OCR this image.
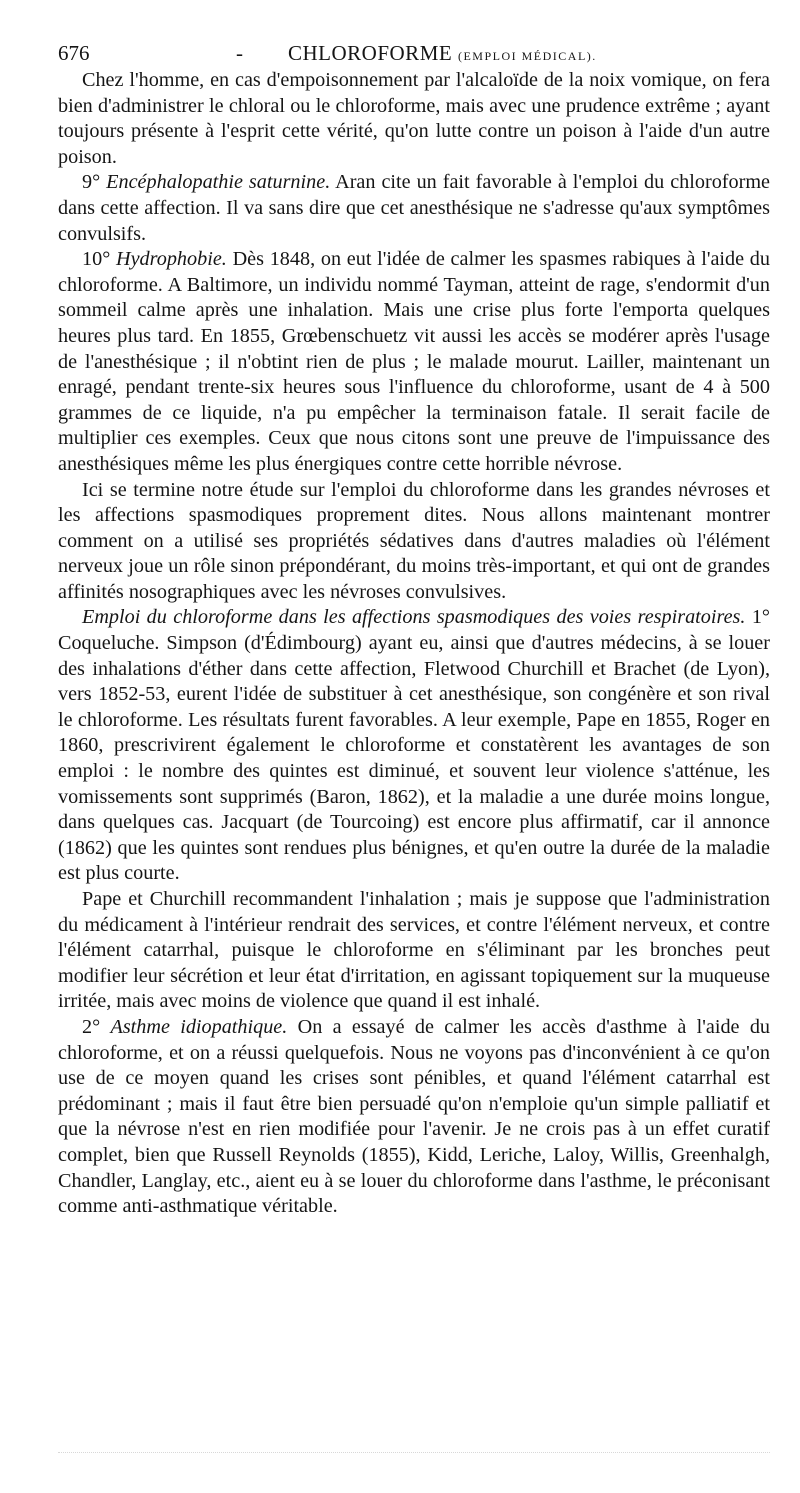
676	- CHLOROFORME (EMPLOI MÉDICAL).

Chez l'homme, en cas d'empoisonnement par l'alcaloïde de la noix vomique, on fera bien d'administrer le chloral ou le chloroforme, mais avec une prudence extrême ; ayant toujours présente à l'esprit cette vérité, qu'on lutte contre un poison à l'aide d'un autre poison.

9° Encéphalopathie saturnine. Aran cite un fait favorable à l'emploi du chloroforme dans cette affection. Il va sans dire que cet anesthésique ne s'adresse qu'aux symptômes convulsifs.

10° Hydrophobie. Dès 1848, on eut l'idée de calmer les spasmes rabiques à l'aide du chloroforme. A Baltimore, un individu nommé Tayman, atteint de rage, s'endormit d'un sommeil calme après une inhalation. Mais une crise plus forte l'emporta quelques heures plus tard. En 1855, Grœbenschuetz vit aussi les accès se modérer après l'usage de l'anesthésique ; il n'obtint rien de plus ; le malade mourut. Lailler, maintenant un enragé, pendant trente-six heures sous l'influence du chloroforme, usant de 4 à 500 grammes de ce liquide, n'a pu empêcher la terminaison fatale. Il serait facile de multiplier ces exemples. Ceux que nous citons sont une preuve de l'impuissance des anesthésiques même les plus énergiques contre cette horrible névrose.

Ici se termine notre étude sur l'emploi du chloroforme dans les grandes névroses et les affections spasmodiques proprement dites. Nous allons maintenant montrer comment on a utilisé ses propriétés sédatives dans d'autres maladies où l'élément nerveux joue un rôle sinon prépondérant, du moins très-important, et qui ont de grandes affinités nosographiques avec les névroses convulsives.

Emploi du chloroforme dans les affections spasmodiques des voies respiratoires. 1° Coqueluche. Simpson (d'Édimbourg) ayant eu, ainsi que d'autres médecins, à se louer des inhalations d'éther dans cette affection, Fletwood Churchill et Brachet (de Lyon), vers 1852-53, eurent l'idée de substituer à cet anesthésique, son congénère et son rival le chloroforme. Les résultats furent favorables. A leur exemple, Pape en 1855, Roger en 1860, prescrivirent également le chloroforme et constatèrent les avantages de son emploi : le nombre des quintes est diminué, et souvent leur violence s'atténue, les vomissements sont supprimés (Baron, 1862), et la maladie a une durée moins longue, dans quelques cas. Jacquart (de Tourcoing) est encore plus affirmatif, car il annonce (1862) que les quintes sont rendues plus bénignes, et qu'en outre la durée de la maladie est plus courte.

Pape et Churchill recommandent l'inhalation ; mais je suppose que l'administration du médicament à l'intérieur rendrait des services, et contre l'élément nerveux, et contre l'élément catarrhal, puisque le chloroforme en s'éliminant par les bronches peut modifier leur sécrétion et leur état d'irritation, en agissant topiquement sur la muqueuse irritée, mais avec moins de violence que quand il est inhalé.

2° Asthme idiopathique. On a essayé de calmer les accès d'asthme à l'aide du chloroforme, et on a réussi quelquefois. Nous ne voyons pas d'inconvénient à ce qu'on use de ce moyen quand les crises sont pénibles, et quand l'élément catarrhal est prédominant ; mais il faut être bien persuadé qu'on n'emploie qu'un simple palliatif et que la névrose n'est en rien modifiée pour l'avenir. Je ne crois pas à un effet curatif complet, bien que Russell Reynolds (1855), Kidd, Leriche, Laloy, Willis, Greenhalgh, Chandler, Langlay, etc., aient eu à se louer du chloroforme dans l'asthme, le préconisant comme anti-asthmatique véritable.
